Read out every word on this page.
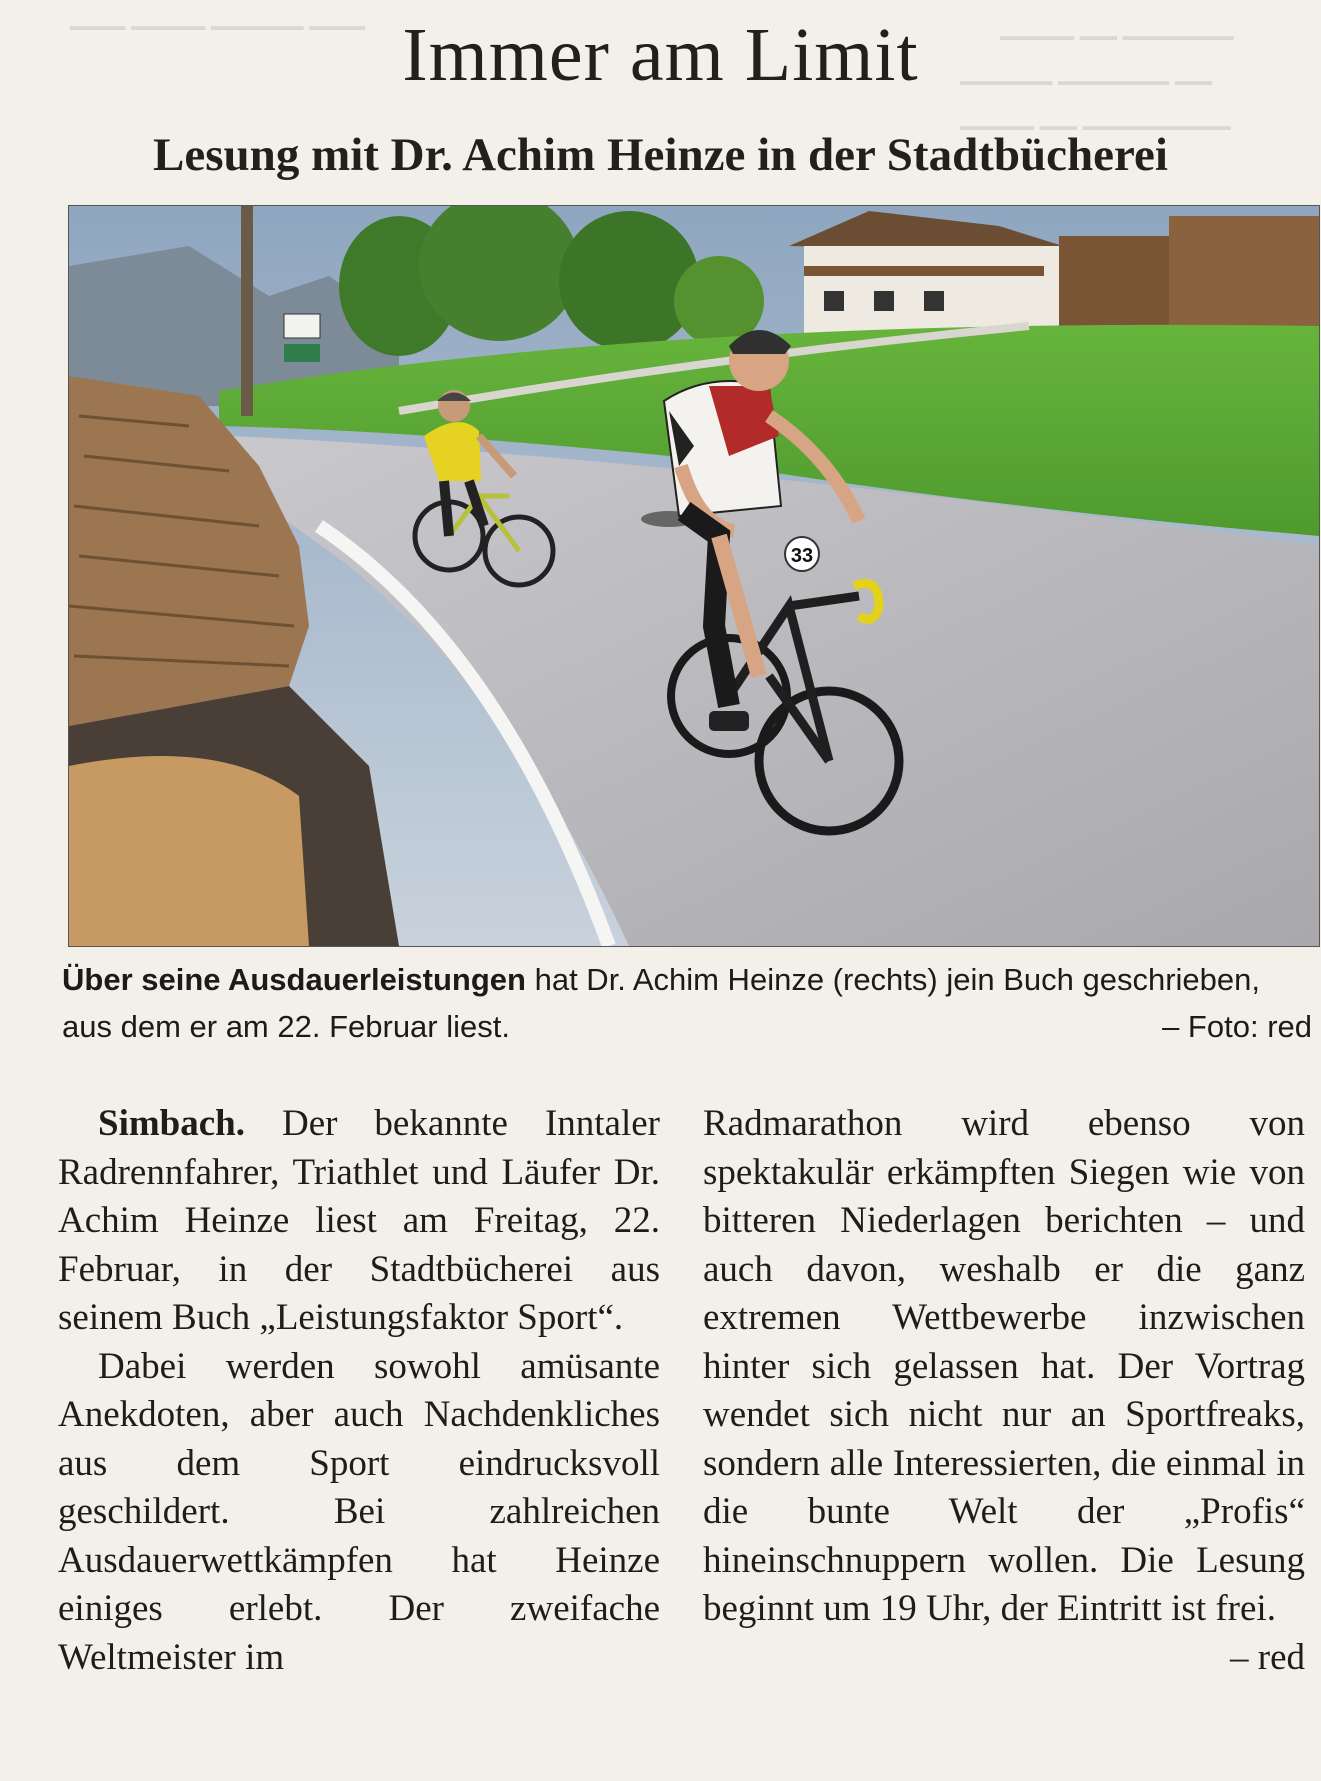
▁▁▁ ▁▁▁▁ ▁▁▁▁▁ ▁▁▁	▁▁▁▁ ▁▁ ▁▁▁▁▁▁
▁▁▁▁▁ ▁▁▁▁▁▁ ▁▁
▁▁▁▁ ▁▁ ▁▁▁▁▁▁▁▁
Immer am Limit
Lesung mit Dr. Achim Heinze in der Stadtbücherei
33
Über seine Ausdauerleistungen hat Dr. Achim Heinze (rechts) jein Buch geschrieben, aus dem er am 22. Februar liest.	– Foto: red

Simbach. Der bekannte Inntaler Radrennfahrer, Triathlet und Läufer Dr. Achim Heinze liest am Freitag, 22. Februar, in der Stadtbücherei aus seinem Buch „Leistungsfaktor Sport“.

Dabei werden sowohl amüsante Anekdoten, aber auch Nachdenkliches aus dem Sport eindrucksvoll geschildert. Bei zahlreichen Ausdauerwettkämpfen hat Heinze einiges erlebt. Der zweifache Weltmeister im

Radmarathon wird ebenso von spektakulär erkämpften Siegen wie von bitteren Niederlagen berichten – und auch davon, weshalb er die ganz extremen Wettbewerbe inzwischen hinter sich gelassen hat. Der Vortrag wendet sich nicht nur an Sportfreaks, sondern alle Interessierten, die einmal in die bunte Welt der „Profis“ hineinschnuppern wollen. Die Lesung beginnt um 19 Uhr, der Eintritt ist frei.

– red
